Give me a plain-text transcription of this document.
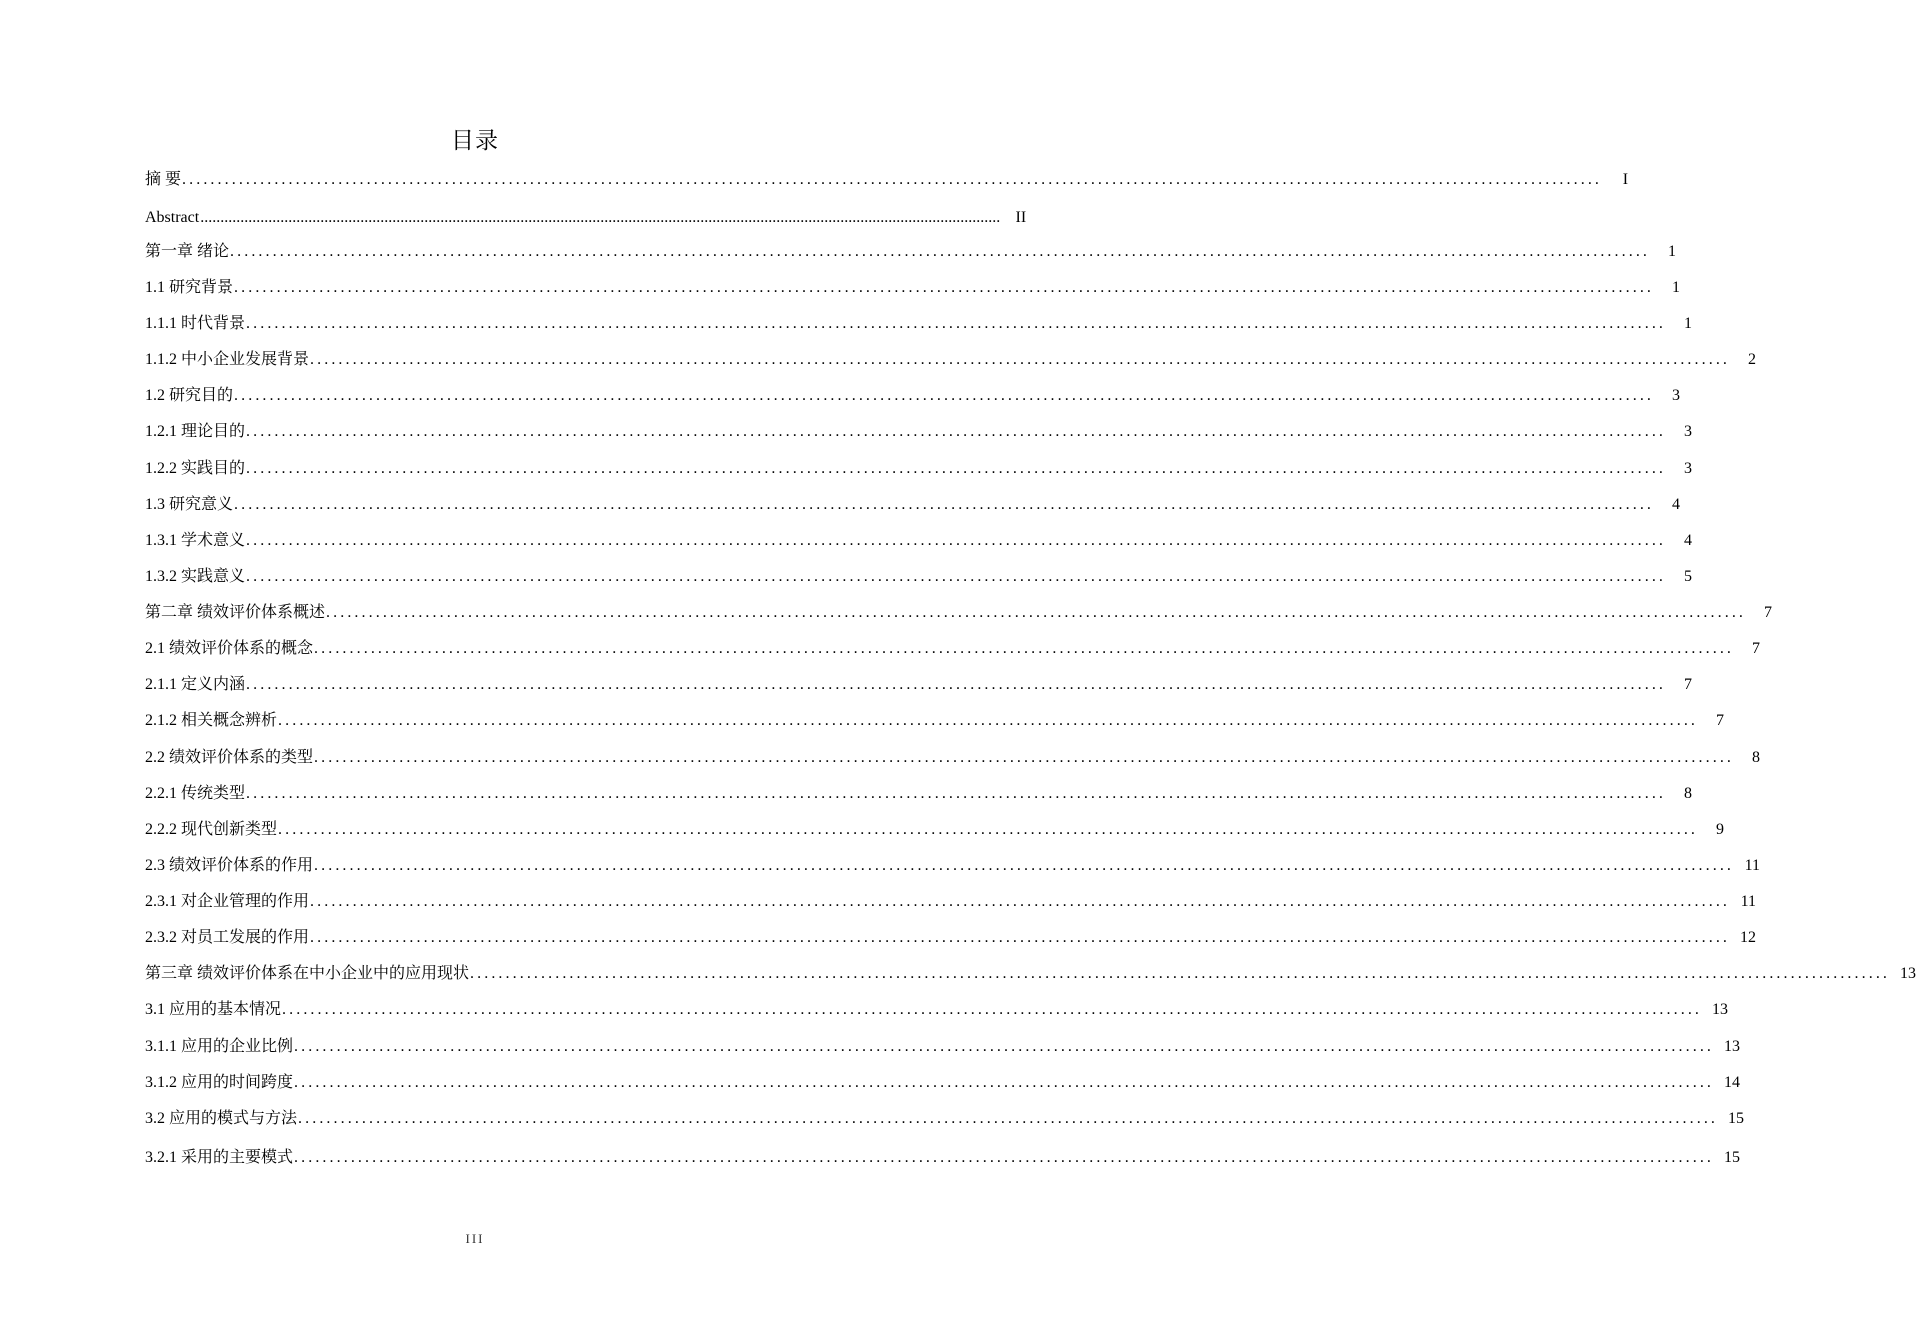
目录
摘 要 ........................................................................................................................................................................................................	I
Abstract ........................................................................................................................................................................................................ II
第一章 绪论 ........................................................................................................................................................................................................	1
1.1 研究背景 ........................................................................................................................................................................................................	1
1.1.1 时代背景 ........................................................................................................................................................................................................	1
1.1.2 中小企业发展背景 ........................................................................................................................................................................................................	2
1.2 研究目的 ........................................................................................................................................................................................................	3
1.2.1 理论目的 ........................................................................................................................................................................................................	3
1.2.2 实践目的 ........................................................................................................................................................................................................	3
1.3 研究意义 ........................................................................................................................................................................................................	4
1.3.1 学术意义 ........................................................................................................................................................................................................	4
1.3.2 实践意义 ........................................................................................................................................................................................................	5
第二章 绩效评价体系概述 ........................................................................................................................................................................................................	7
2.1 绩效评价体系的概念 ........................................................................................................................................................................................................	7
2.1.1 定义内涵 ........................................................................................................................................................................................................	7
2.1.2 相关概念辨析 ........................................................................................................................................................................................................	7
2.2 绩效评价体系的类型 ........................................................................................................................................................................................................	8
2.2.1 传统类型 ........................................................................................................................................................................................................	8
2.2.2 现代创新类型 ........................................................................................................................................................................................................	9
2.3 绩效评价体系的作用 ........................................................................................................................................................................................................ 11
2.3.1 对企业管理的作用 ........................................................................................................................................................................................................ 11
2.3.2 对员工发展的作用 ........................................................................................................................................................................................................ 12
第三章 绩效评价体系在中小企业中的应用现状 ........................................................................................................................................................................................................ 13
3.1 应用的基本情况 ........................................................................................................................................................................................................ 13
3.1.1 应用的企业比例 ........................................................................................................................................................................................................ 13
3.1.2 应用的时间跨度 ........................................................................................................................................................................................................ 14
3.2 应用的模式与方法 ........................................................................................................................................................................................................ 15
3.2.1 采用的主要模式 ........................................................................................................................................................................................................ 15
III
